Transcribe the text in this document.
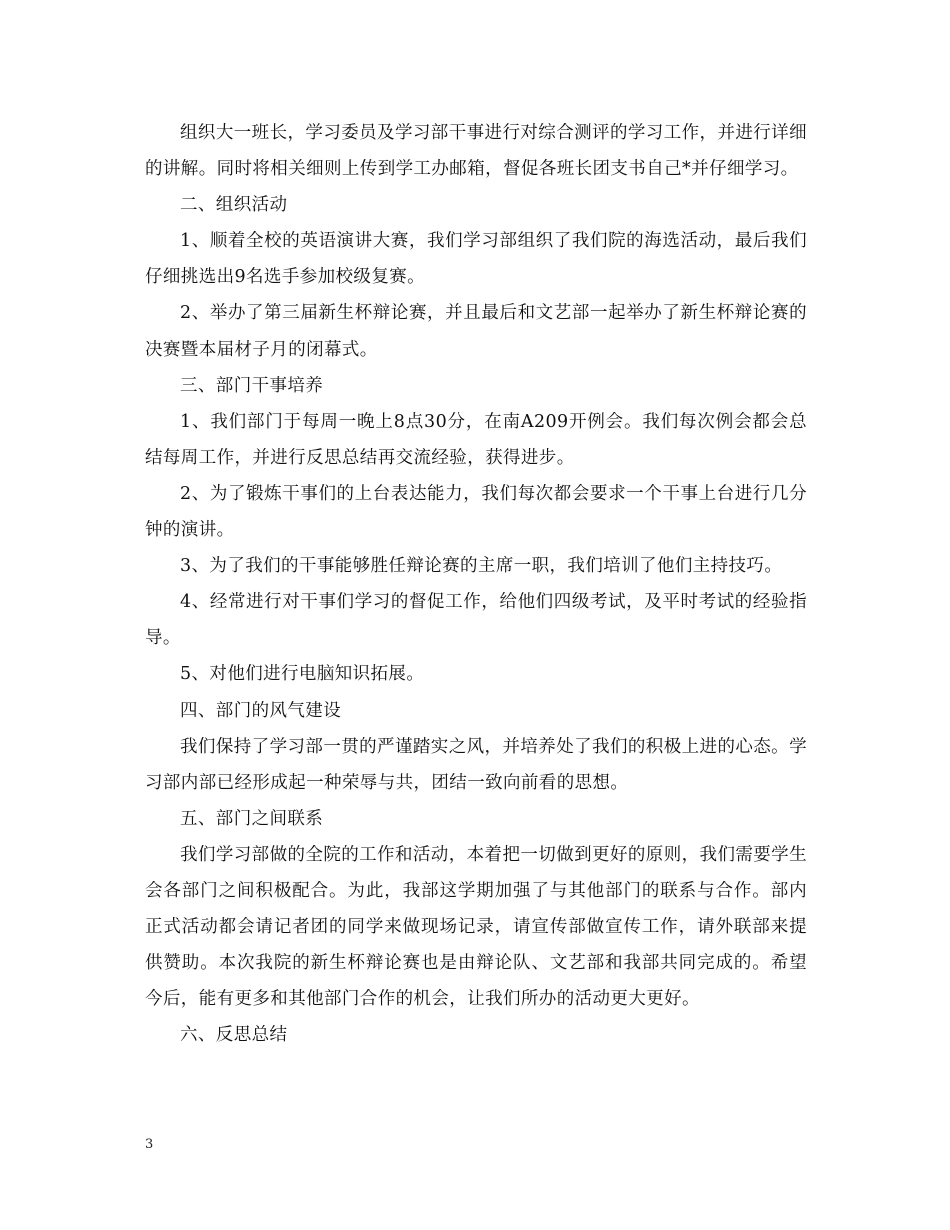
组织大一班长，学习委员及学习部干事进行对综合测评的学习工作，并进行详细的讲解。同时将相关细则上传到学工办邮箱，督促各班长团支书自己*并仔细学习。

二、组织活动

1、顺着全校的英语演讲大赛，我们学习部组织了我们院的海选活动，最后我们仔细挑选出9名选手参加校级复赛。

2、举办了第三届新生杯辩论赛，并且最后和文艺部一起举办了新生杯辩论赛的决赛暨本届材子月的闭幕式。

三、部门干事培养

1、我们部门于每周一晚上8点30分，在南A209开例会。我们每次例会都会总结每周工作，并进行反思总结再交流经验，获得进步。

2、为了锻炼干事们的上台表达能力，我们每次都会要求一个干事上台进行几分钟的演讲。

3、为了我们的干事能够胜任辩论赛的主席一职，我们培训了他们主持技巧。

4、经常进行对干事们学习的督促工作，给他们四级考试，及平时考试的经验指导。

5、对他们进行电脑知识拓展。

四、部门的风气建设

我们保持了学习部一贯的严谨踏实之风，并培养处了我们的积极上进的心态。学习部内部已经形成起一种荣辱与共，团结一致向前看的思想。

五、部门之间联系

我们学习部做的全院的工作和活动，本着把一切做到更好的原则，我们需要学生会各部门之间积极配合。为此，我部这学期加强了与其他部门的联系与合作。部内正式活动都会请记者团的同学来做现场记录，请宣传部做宣传工作，请外联部来提供赞助。本次我院的新生杯辩论赛也是由辩论队、文艺部和我部共同完成的。希望今后，能有更多和其他部门合作的机会，让我们所办的活动更大更好。

六、反思总结

3
